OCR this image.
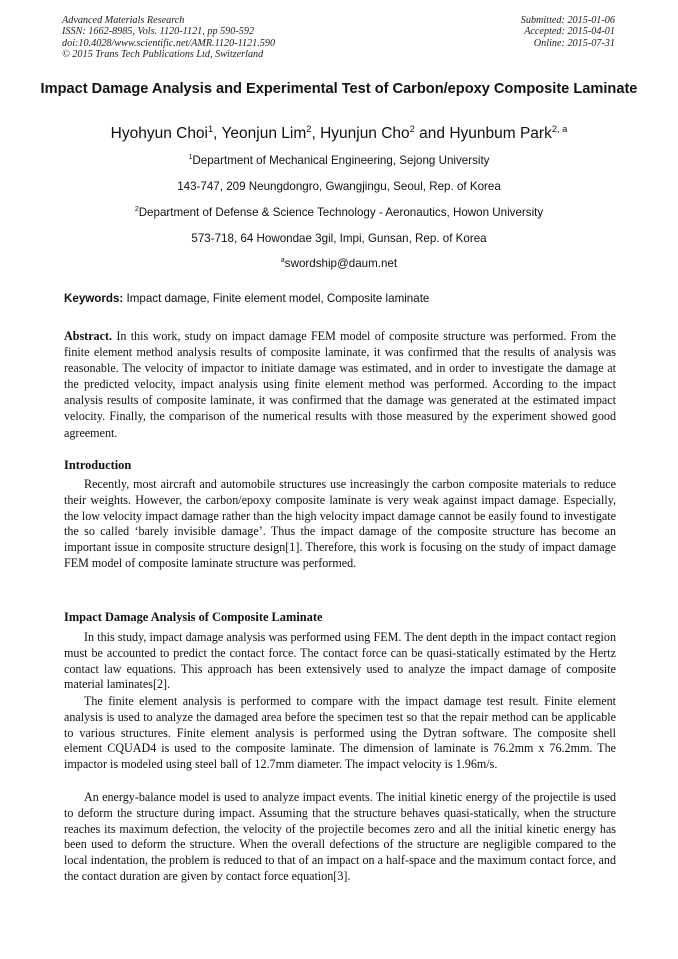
Advanced Materials Research
ISSN: 1662-8985, Vols. 1120-1121, pp 590-592
doi:10.4028/www.scientific.net/AMR.1120-1121.590
© 2015 Trans Tech Publications Ltd, Switzerland
Submitted: 2015-01-06
Accepted: 2015-04-01
Online: 2015-07-31
Impact Damage Analysis and Experimental Test of Carbon/epoxy Composite Laminate
Hyohyun Choi$^1$, Yeonjun Lim$^2$, Hyunjun Cho$^2$ and Hyunbum Park$^{2, a}$
$^1$Department of Mechanical Engineering, Sejong University
143-747, 209 Neungdongro, Gwangjingu, Seoul, Rep. of Korea
$^2$Department of Defense & Science Technology - Aeronautics, Howon University
573-718, 64 Howondae 3gil, Impi, Gunsan, Rep. of Korea
$^a$swordship@daum.net
Keywords: Impact damage, Finite element model, Composite laminate
Abstract. In this work, study on impact damage FEM model of composite structure was performed. From the finite element method analysis results of composite laminate, it was confirmed that the results of analysis was reasonable. The velocity of impactor to initiate damage was estimated, and in order to investigate the damage at the predicted velocity, impact analysis using finite element method was performed. According to the impact analysis results of composite laminate, it was confirmed that the damage was generated at the estimated impact velocity. Finally, the comparison of the numerical results with those measured by the experiment showed good agreement.
Introduction
Recently, most aircraft and automobile structures use increasingly the carbon composite materials to reduce their weights. However, the carbon/epoxy composite laminate is very weak against impact damage. Especially, the low velocity impact damage rather than the high velocity impact damage cannot be easily found to investigate the so called ‘barely invisible damage’. Thus the impact damage of the composite structure has become an important issue in composite structure design[1]. Therefore, this work is focusing on the study of impact damage FEM model of composite laminate structure was performed.
Impact Damage Analysis of Composite Laminate
In this study, impact damage analysis was performed using FEM. The dent depth in the impact contact region must be accounted to predict the contact force. The contact force can be quasi-statically estimated by the Hertz contact law equations. This approach has been extensively used to analyze the impact damage of composite material laminates[2].
The finite element analysis is performed to compare with the impact damage test result. Finite element analysis is used to analyze the damaged area before the specimen test so that the repair method can be applicable to various structures. Finite element analysis is performed using the Dytran software. The composite shell element CQUAD4 is used to the composite laminate. The dimension of laminate is 76.2mm x 76.2mm. The impactor is modeled using steel ball of 12.7mm diameter. The impact velocity is 1.96m/s.
An energy-balance model is used to analyze impact events. The initial kinetic energy of the projectile is used to deform the structure during impact. Assuming that the structure behaves quasi-statically, when the structure reaches its maximum defection, the velocity of the projectile becomes zero and all the initial kinetic energy has been used to deform the structure. When the overall defections of the structure are negligible compared to the local indentation, the problem is reduced to that of an impact on a half-space and the maximum contact force, and the contact duration are given by contact force equation[3].
